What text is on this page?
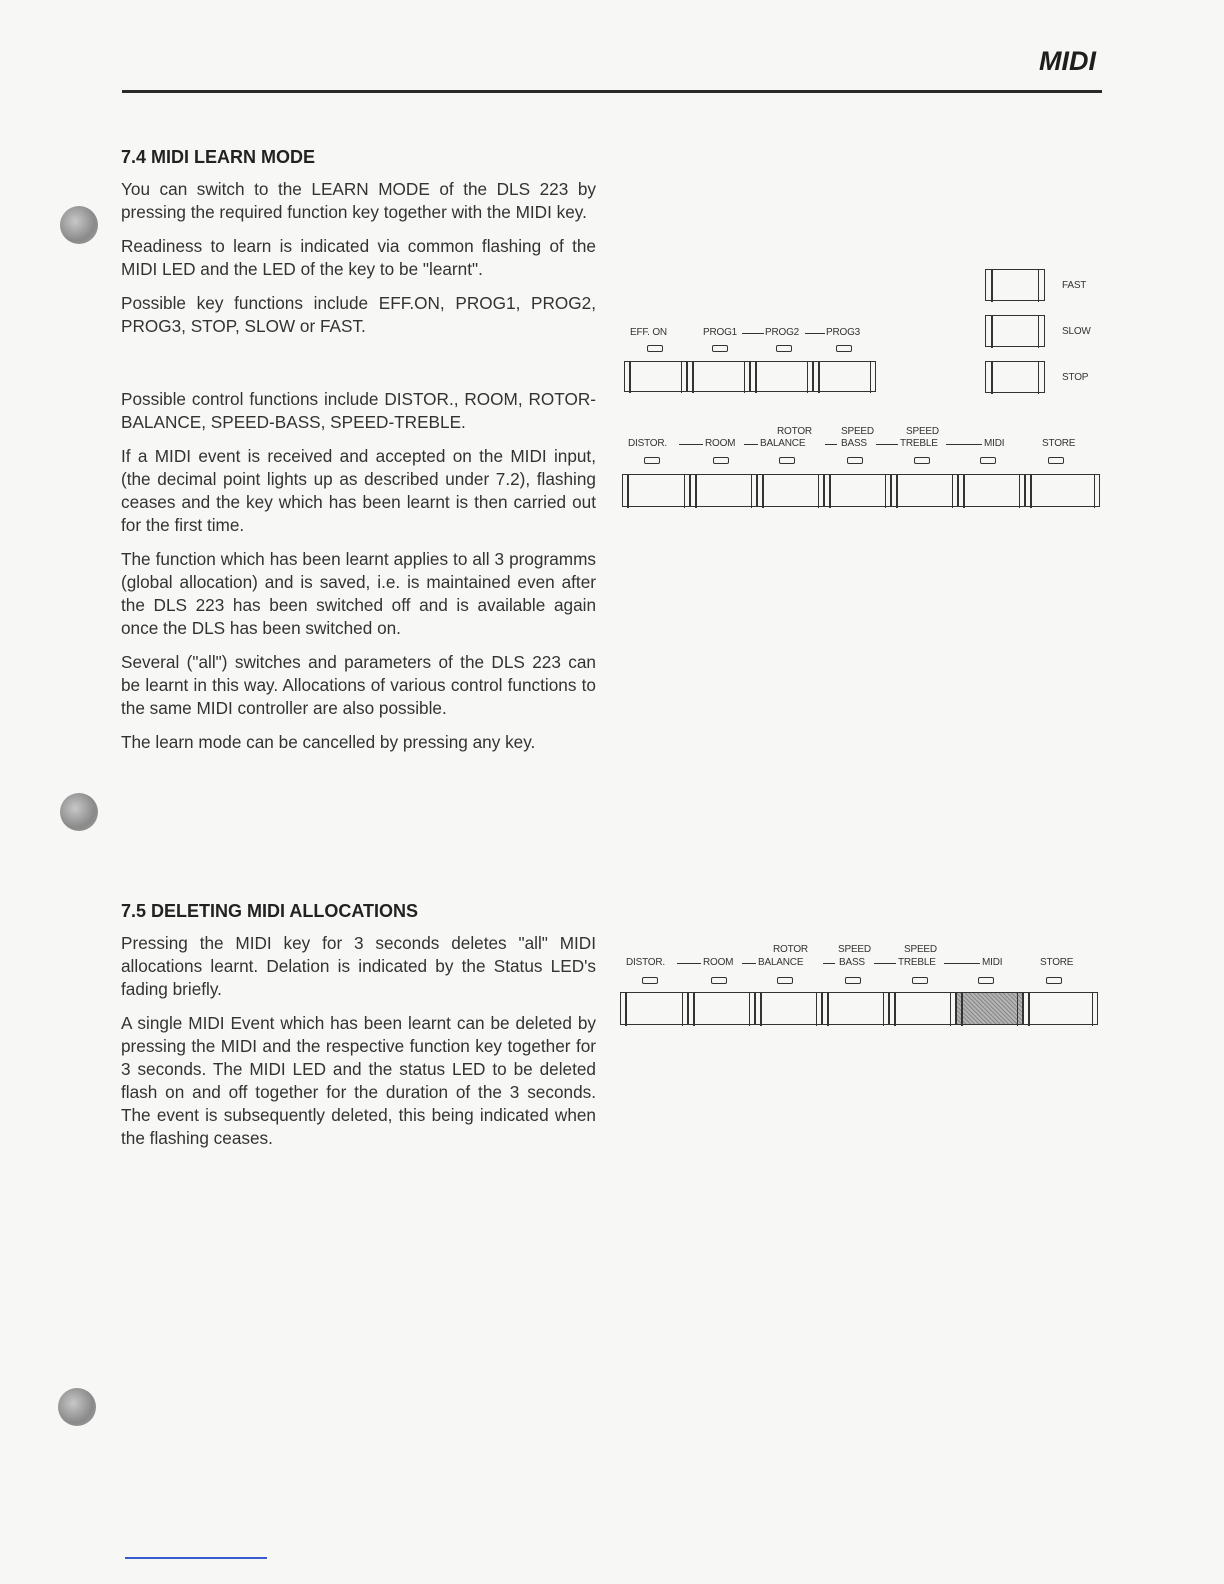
MIDI
7.4 MIDI LEARN MODE

You can switch to the LEARN MODE of the DLS 223 by pressing the required function key together with the MIDI key.

Readiness to learn is indicated via common flashing of the MIDI LED and the LED of the key to be "learnt".

Possible key functions include EFF.ON, PROG1, PROG2, PROG3, STOP, SLOW or FAST.

Possible control functions include DISTOR., ROOM, ROTOR-BALANCE, SPEED-BASS, SPEED-TREBLE.

If a MIDI event is received and accepted on the MIDI input, (the decimal point lights up as described under 7.2), flashing ceases and the key which has been learnt is then carried out for the first time.

The function which has been learnt applies to all 3 programms (global allocation) and is saved, i.e. is maintained even after the DLS 223 has been switched off and is available again once the DLS has been switched on.

Several ("all") switches and parameters of the DLS 223 can be learnt in this way. Allocations of various control functions to the same MIDI controller are also possible.

The learn mode can be cancelled by pressing any key.

7.5 DELETING MIDI ALLOCATIONS

Pressing the MIDI key for 3 seconds deletes "all" MIDI allocations learnt. Delation is indicated by the Status LED's fading briefly.

A single MIDI Event which has been learnt can be deleted by pressing the MIDI and the respective function key together for 3 seconds. The MIDI LED and the status LED to be deleted flash on and off together for the duration of the 3 seconds. The event is subsequently deleted, this being indicated when the flashing ceases.

FAST
SLOW
STOP
EFF. ON	PROG1	PROG2	PROG3
ROTOR	SPEED	SPEED
DISTOR.	ROOM BALANCE	BASS	TREBLE	MIDI	STORE
ROTOR	SPEED	SPEED
DISTOR.	ROOM BALANCE	BASS	TREBLE	MIDI	STORE
